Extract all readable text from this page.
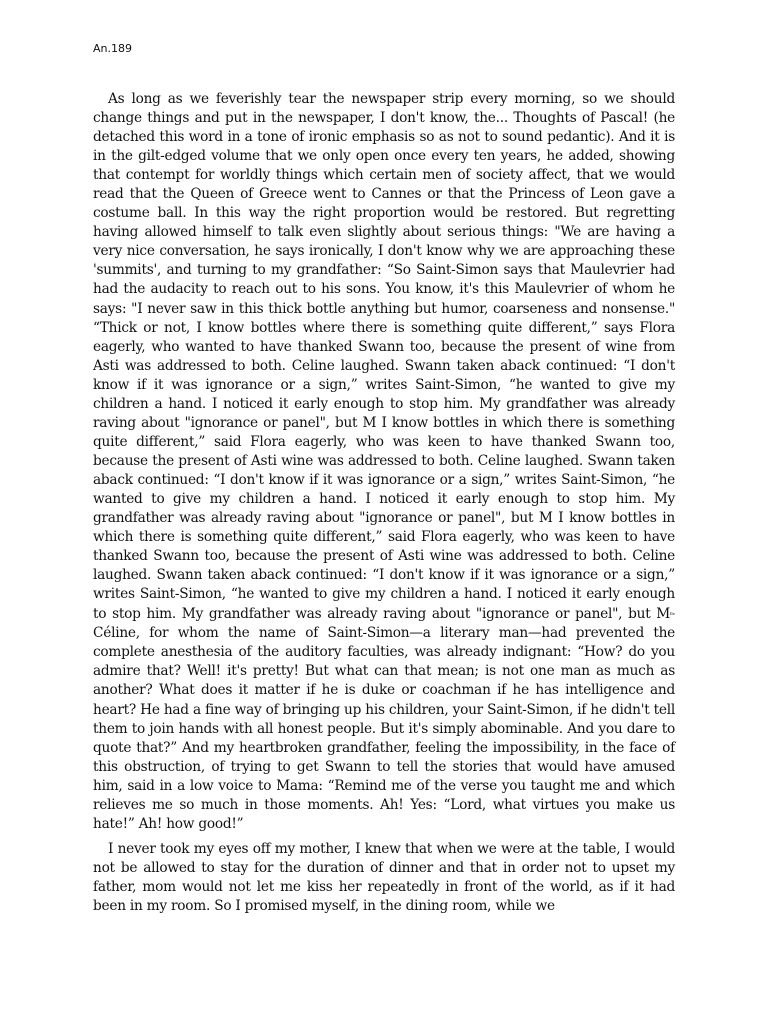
An.189

As long as we feverishly tear the newspaper strip every morning, so we should change things and put in the newspaper, I don't know, the... Thoughts of Pascal! (he detached this word in a tone of ironic emphasis so as not to sound pedantic). And it is in the gilt-edged volume that we only open once every ten years, he added, showing that contempt for worldly things which certain men of society affect, that we would read that the Queen of Greece went to Cannes or that the Princess of Leon gave a costume ball. In this way the right proportion would be restored. But regretting having allowed himself to talk even slightly about serious things: "We are having a very nice conversation, he says ironically, I don't know why we are approaching these 'summits', and turning to my grandfather: “So Saint-Simon says that Maulevrier had had the audacity to reach out to his sons. You know, it's this Maulevrier of whom he says: "I never saw in this thick bottle anything but humor, coarseness and nonsense." “Thick or not, I know bottles where there is something quite different,” says Flora eagerly, who wanted to have thanked Swann too, because the present of wine from Asti was addressed to both. Celine laughed. Swann taken aback continued: “I don't know if it was ignorance or a sign,” writes Saint-Simon, “he wanted to give my children a hand. I noticed it early enough to stop him. My grandfather was already raving about "ignorance or panel", but M I know bottles in which there is something quite different,” said Flora eagerly, who was keen to have thanked Swann too, because the present of Asti wine was addressed to both. Celine laughed. Swann taken aback continued: “I don't know if it was ignorance or a sign,” writes Saint-Simon, “he wanted to give my children a hand. I noticed it early enough to stop him. My grandfather was already raving about "ignorance or panel", but M I know bottles in which there is something quite different,” said Flora eagerly, who was keen to have thanked Swann too, because the present of Asti wine was addressed to both. Celine laughed. Swann taken aback continued: “I don't know if it was ignorance or a sign,” writes Saint-Simon, “he wanted to give my children a hand. I noticed it early enough to stop him. My grandfather was already raving about "ignorance or panel", but $M^{lle}$ Céline, for whom the name of Saint-Simon—a literary man—had prevented the complete anesthesia of the auditory faculties, was already indignant: “How? do you admire that? Well! it's pretty! But what can that mean; is not one man as much as another? What does it matter if he is duke or coachman if he has intelligence and heart? He had a fine way of bringing up his children, your Saint-Simon, if he didn't tell them to join hands with all honest people. But it's simply abominable. And you dare to quote that?” And my heartbroken grandfather, feeling the impossibility, in the face of this obstruction, of trying to get Swann to tell the stories that would have amused him, said in a low voice to Mama: “Remind me of the verse you taught me and which relieves me so much in those moments. Ah! Yes: “Lord, what virtues you make us hate!” Ah! how good!”

I never took my eyes off my mother, I knew that when we were at the table, I would not be allowed to stay for the duration of dinner and that in order not to upset my father, mom would not let me kiss her repeatedly in front of the world, as if it had been in my room. So I promised myself, in the dining room, while we
